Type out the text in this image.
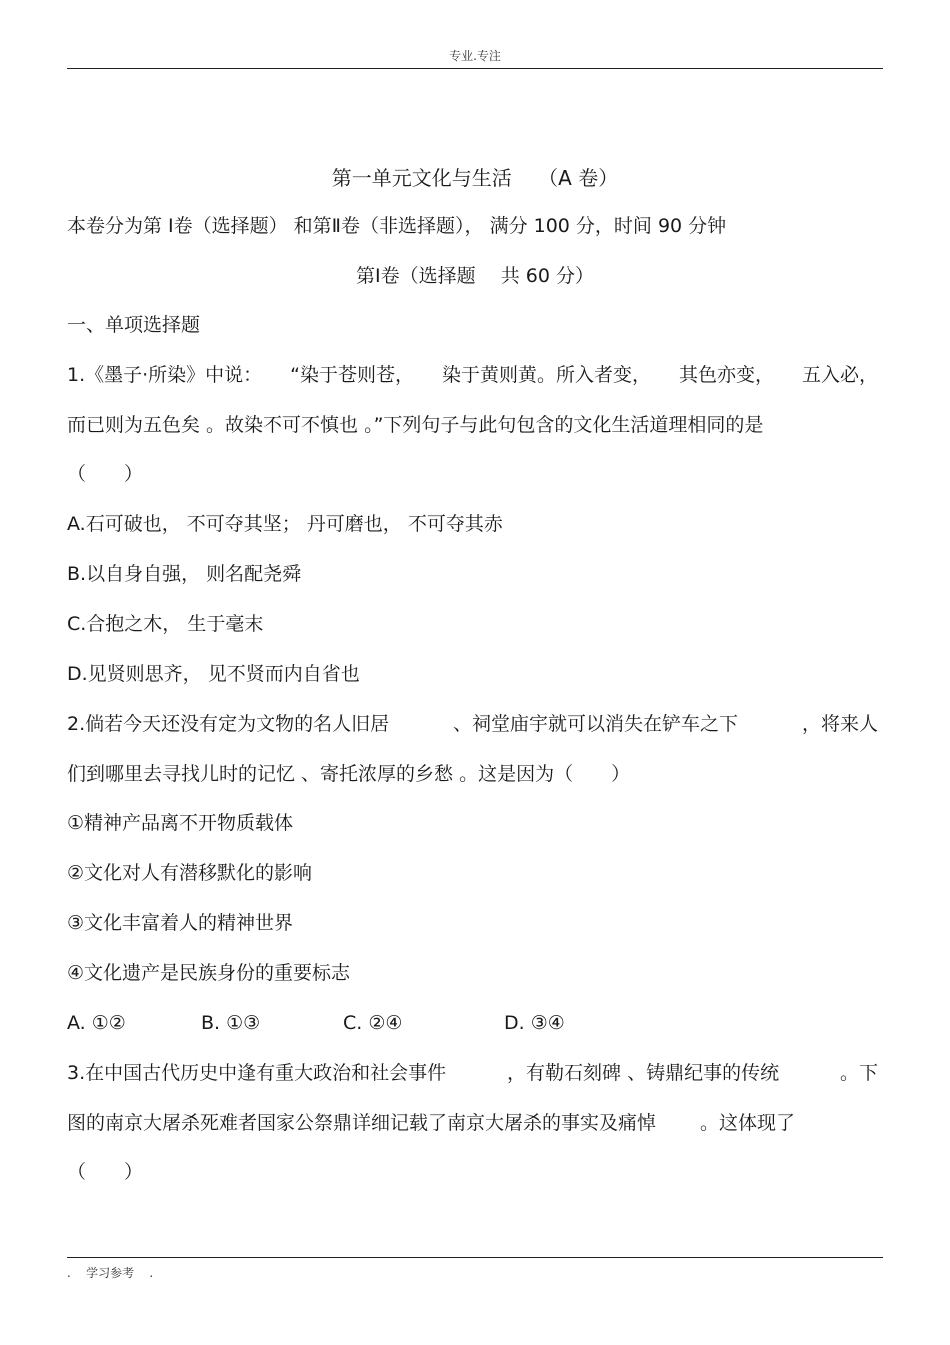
专业.专注
第一单元文化与生活　 （A 卷）
本卷分为第 Ⅰ卷（选择题） 和第Ⅱ卷（非选择题）， 满分 100 分，时间 90 分钟
第Ⅰ卷（选择题　 共 60 分）
一、单项选择题
1.《墨子·所染》中说： “染于苍则苍， 染于黄则黄。所入者变， 其色亦变， 五入必，
而已则为五色矣 。故染不可不慎也 。”下列句子与此句包含的文化生活道理相同的是
（　　）
A.石可破也， 不可夺其坚； 丹可磨也， 不可夺其赤
B.以自身自强， 则名配尧舜
C.合抱之木， 生于毫末
D.见贤则思齐， 见不贤而内自省也
2.倘若今天还没有定为文物的名人旧居	、祠堂庙宇就可以消失在铲车之下	，将来人
们到哪里去寻找儿时的记忆 、寄托浓厚的乡愁 。这是因为（　　）
①精神产品离不开物质载体
②文化对人有潜移默化的影响
③文化丰富着人的精神世界
④文化遗产是民族身份的重要标志
A. ①②	B. ①③	C. ②④	D. ③④
3.在中国古代历史中逢有重大政治和社会事件	，有勒石刻碑 、铸鼎纪事的传统	。下
图的南京大屠杀死难者国家公祭鼎详细记载了南京大屠杀的事实及痛悼　　 。这体现了
（　　）
.    学习参考    .
